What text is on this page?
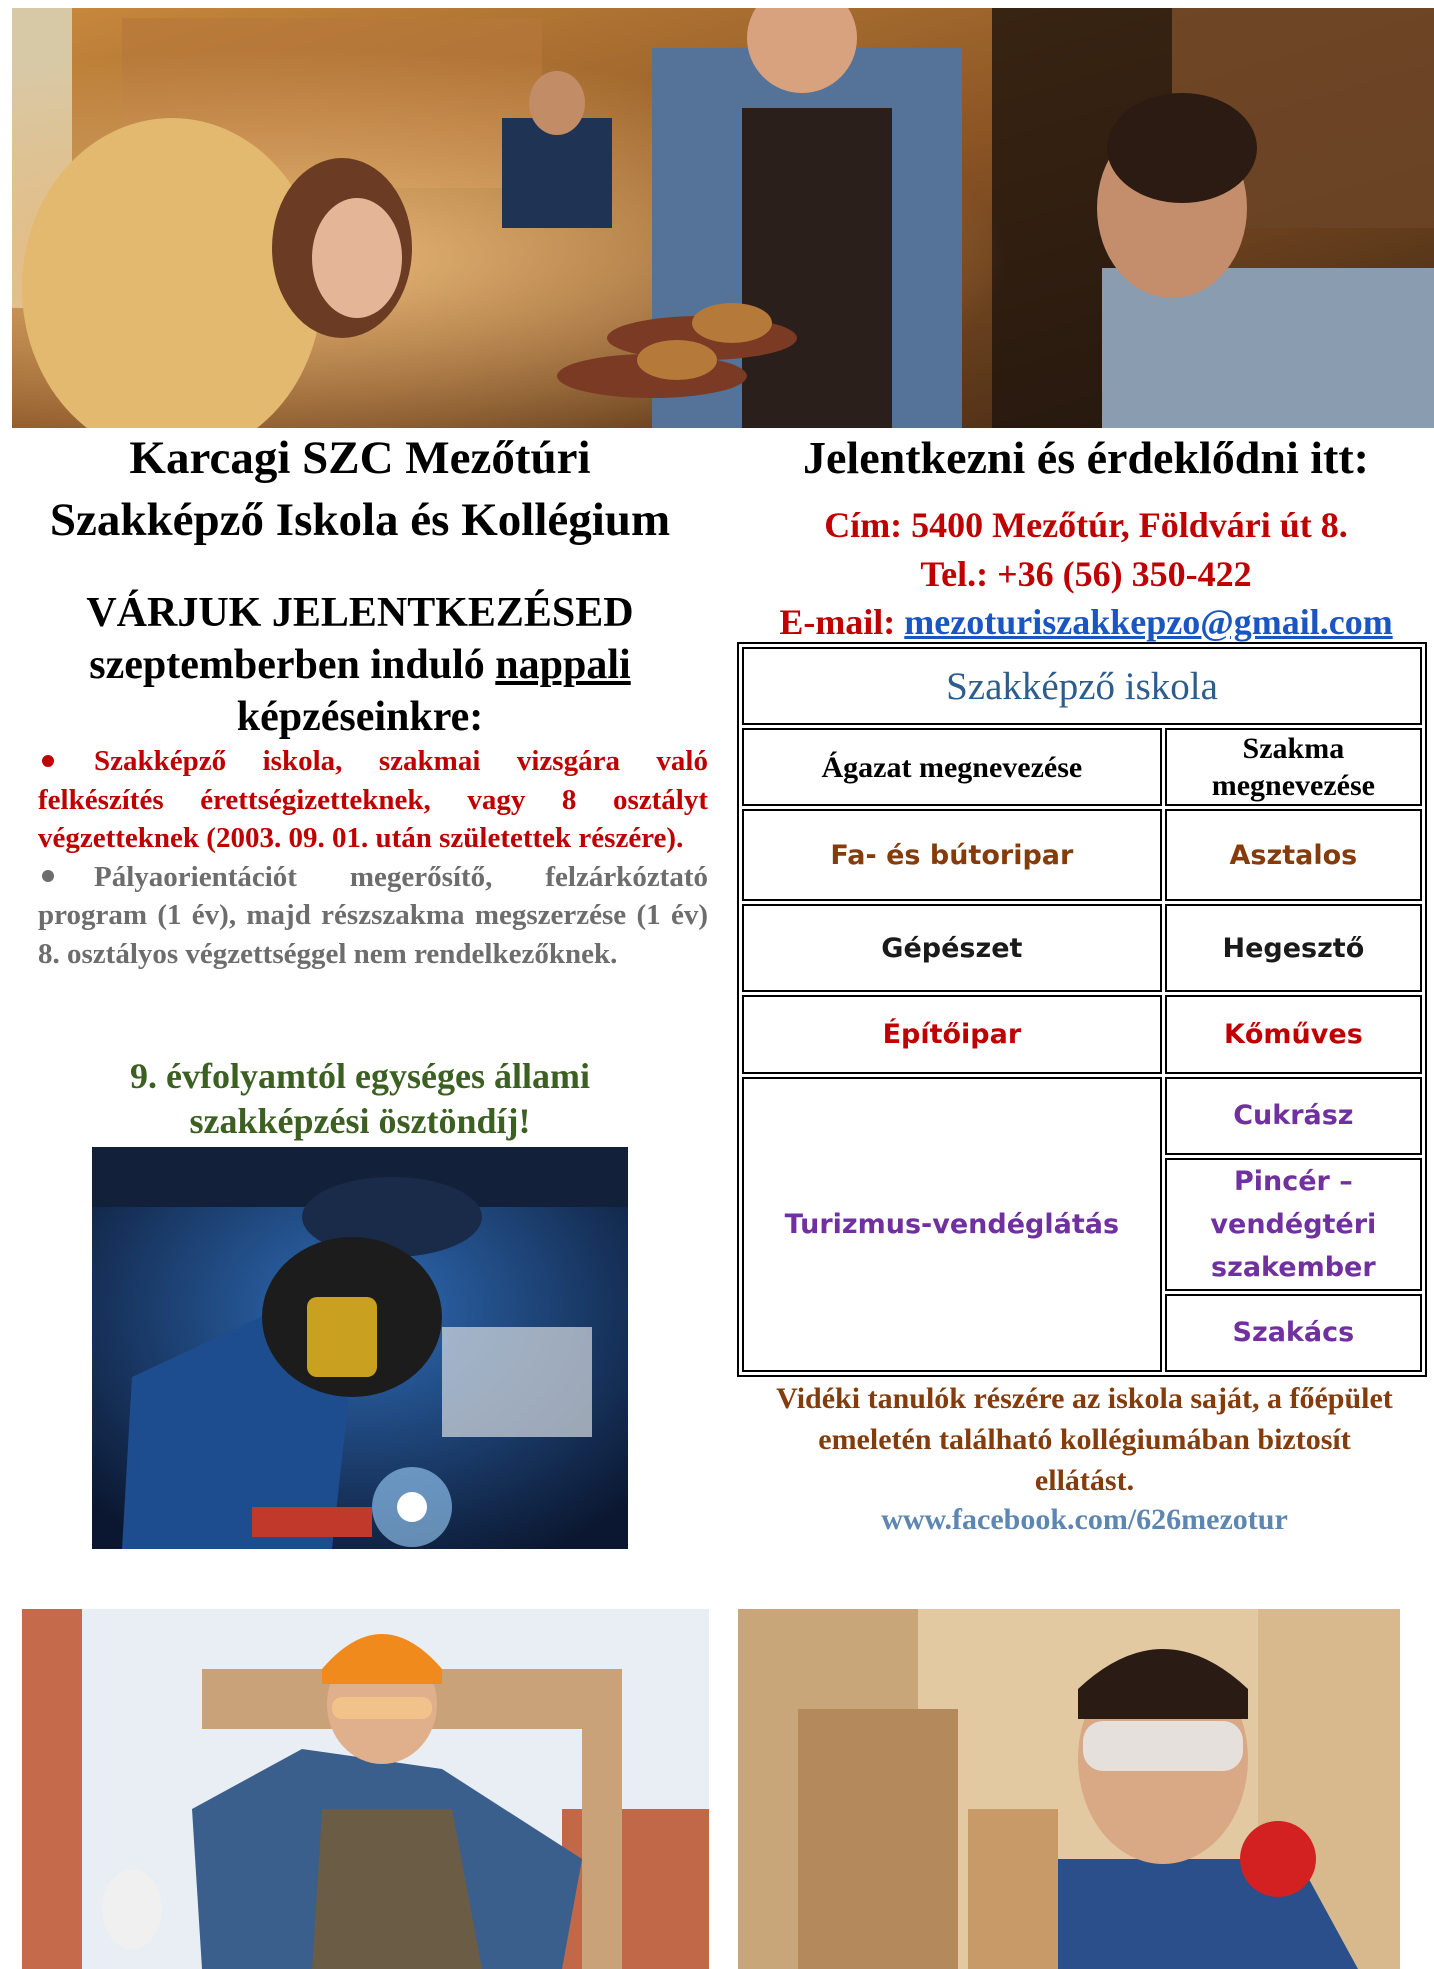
Karcagi SZC Mezőtúri
Szakképző Iskola és Kollégium
VÁRJUK JELENTKEZÉSED
szeptemberben induló nappali
képzéseinkre:
Szakképző iskola, szakmai vizsgára való felkészítés érettségizetteknek, vagy 8 osztályt végzetteknek (2003. 09. 01. után születettek részére).
Pályaorientációt megerősítő, felzárkóztató program (1 év), majd részszakma megszerzése (1 év) 8. osztályos végzettséggel nem rendelkezőknek.
9. évfolyamtól egységes állami
szakképzési ösztöndíj!
Jelentkezni és érdeklődni itt:
Cím: 5400 Mezőtúr, Földvári út 8.
Tel.: +36 (56) 350-422
E-mail: mezoturiszakkepzo@gmail.com
Szakképző iskola	
Ágazat megnevezése	Szakma
megnevezése

Fa- és bútoripar	Asztalos
Gépészet	Hegesztő
Építőipar	Kőműves
Turizmus-vendéglátás	Cukrász

	Pincér –
vendégtéri
szakember

	Szakács
Vidéki tanulók részére az iskola saját, a főépület
emeletén található kollégiumában biztosít
ellátást.
www.facebook.com/626mezotur
